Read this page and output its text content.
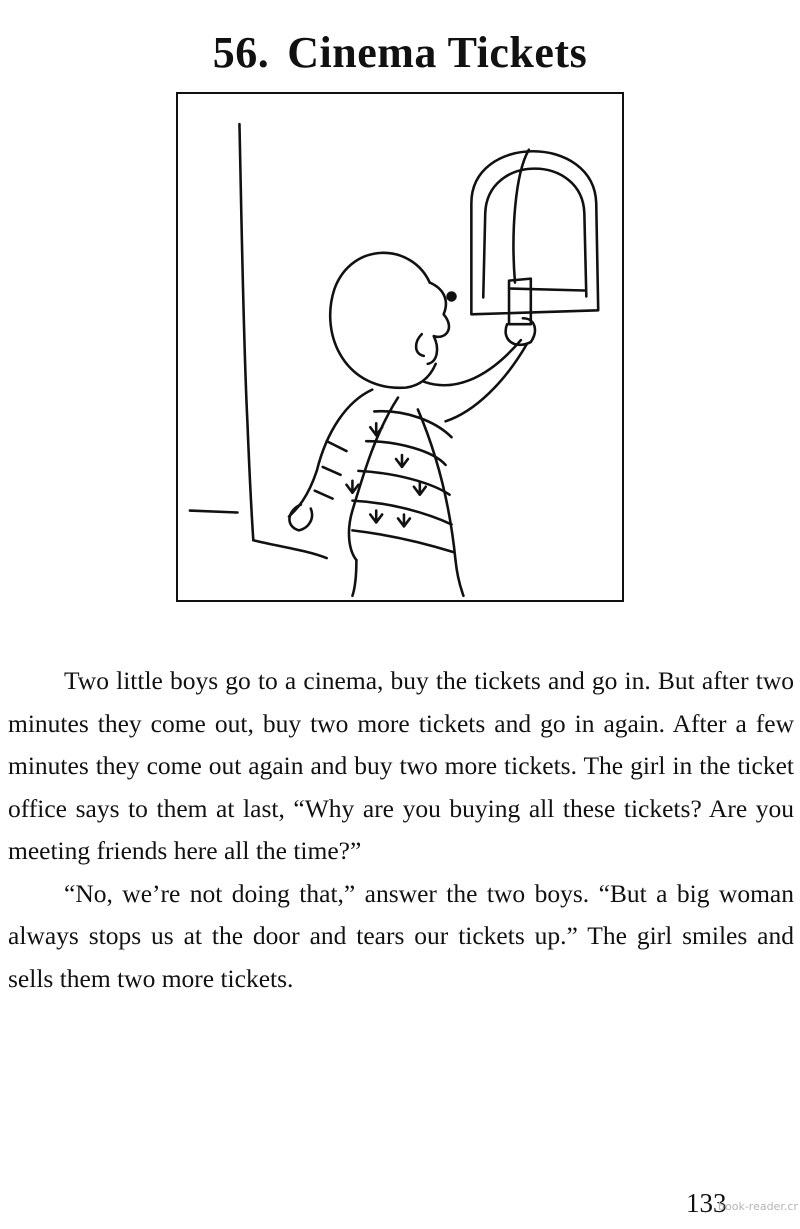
56. Cinema Tickets

Two little boys go to a cinema, buy the tickets and go in. But after two minutes they come out, buy two more tickets and go in again. After a few minutes they come out again and buy two more tickets. The girl in the ticket office says to them at last, “Why are you buying all these tickets? Are you meeting friends here all the time?”

“No, we’re not doing that,” answer the two boys. “But a big woman always stops us at the door and tears our tickets up.” The girl smiles and sells them two more tickets.

133
book-reader.cr
